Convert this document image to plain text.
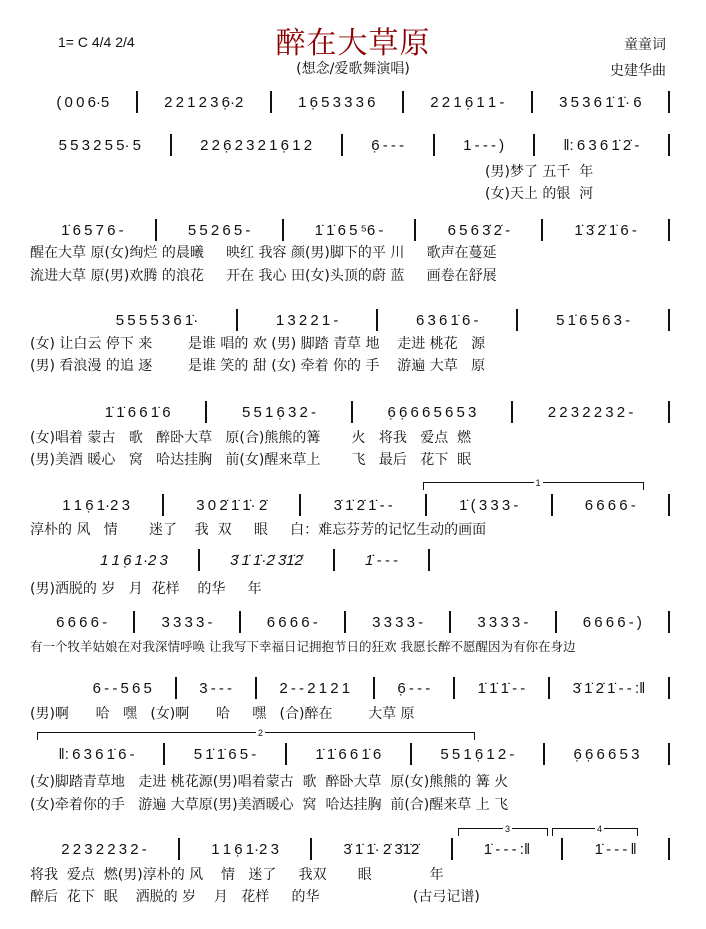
1= C 4/4 2/4	醉在大草原
(想念/爱歌舞演唱)
童童词
史建华曲
( 0 0 6·5	2 2 1 2 3 6̣·2	1 6̣ 5 3 3 3 6	2 2 1 6̣ 1 1 -	3 5 3 6 1̇ 1̇· 6
5 5 3 2 5 5· 5	2 2 6̣ 2 3 2 1 6̣ 1 2	6̣ - - -	1 - - - )	‖: 6 3 6 1̇ 2̇ -
(男)梦了 五千  年
(女)天上 的银  河
1̇ 6 5 7 6 -	5 5 2 6 5 -	1̇ 1̇ 6 5 ⁵6 -	6 5 6 3̇ 2̇ -	1̇ 3̇ 2̇ 1̇ 6 -
醒在大草 原(女)绚烂 的晨曦     映红 我容 颜(男)脚下的平 川     歌声在蔓延
流进大草 原(男)欢腾 的浪花     开在 我心 田(女)头顶的蔚 蓝     画卷在舒展
5 5 5 5 3 6 1̇·	1 3 2 2 1 -	6 3 6 1̇ 6 -	5 1̇ 6 5 6 3 -
(女) 让白云 停下 来        是谁 唱的 欢 (男) 脚踏 青草 地    走进 桃花   源
(男) 看浪漫 的追 逐        是谁 笑的 甜 (女) 牵着 你的 手    游遍 大草   原
1̇ 1̇ 6 6 1̇ 6	5 5 1 6̣ 3 2 -	6̣ 6̣ 6 6 5 6 5 3	2 2 3 2 2 3 2 -
(女)唱着 蒙古   歌   醉卧大草   原(合)熊熊的篝       火   将我   爱点  燃
(男)美酒 暖心   窝   哈达挂胸   前(女)醒来草上       飞   最后   花下  眠
1
1 1 6̣ 1·2 3	3 0 2̇ 1̇ 1̇· 2̇	3̇ 1̇ 2̇ 1̇ - -	1̇ ( 3 3 3 -	6 6 6 6 -
淳朴的 风   情       迷了    我  双     眼     白：难忘芬芳的记忆生动的画面
1 1 6̣ 1·2 3	3̇ 1̇ 1̇·2̇ 3̇1̇2̇	1̇ - - -
(男)洒脱的 岁   月  花样    的华     年
6 6 6 6 -	3 3 3 3 -	6 6 6 6 -	3 3 3 3 -	3 3 3 3 -	6 6 6 6 - )
有一个牧羊姑娘在对我深情呼唤 让我写下幸福日记拥抱节日的狂欢 我愿长醉不愿醒因为有你在身边
6 - - 5 6 5	3 - - -	2 - - 2 1 2 1	6̣ - - -	1̇ 1̇ 1̇ - -	3̇ 1̇ 2̇ 1̇ - - :‖
(男)啊      哈   嘿   (女)啊      哈     嘿   (合)醉在        大草 原
2
‖: 6 3 6 1̇ 6 -	5 1̇ 1̇ 6 5 -	1̇ 1̇ 6 6 1̇ 6	5 5 1 6̣ 1 2 -	6̣ 6̣ 6 6 5 3
(女)脚踏青草地   走进 桃花源(男)唱着蒙古  歌  醉卧大草  原(女)熊熊的 篝 火
(女)牵着你的手   游遍 大草原(男)美酒暖心  窝  哈达挂胸  前(合)醒来草 上 飞
3	4
2 2 3 2 2 3 2 -	1 1 6̣ 1·2 3	3̇ 1̇ 1̇· 2̇ 3̇1̇2̇	1̇ - - - :‖	1̇ - - - ‖
将我  爱点  燃(男)淳朴的 风    情   迷了     我双       眼             年
醉后  花下  眠    洒脱的 岁    月   花样     的华                     (古弓记谱)
